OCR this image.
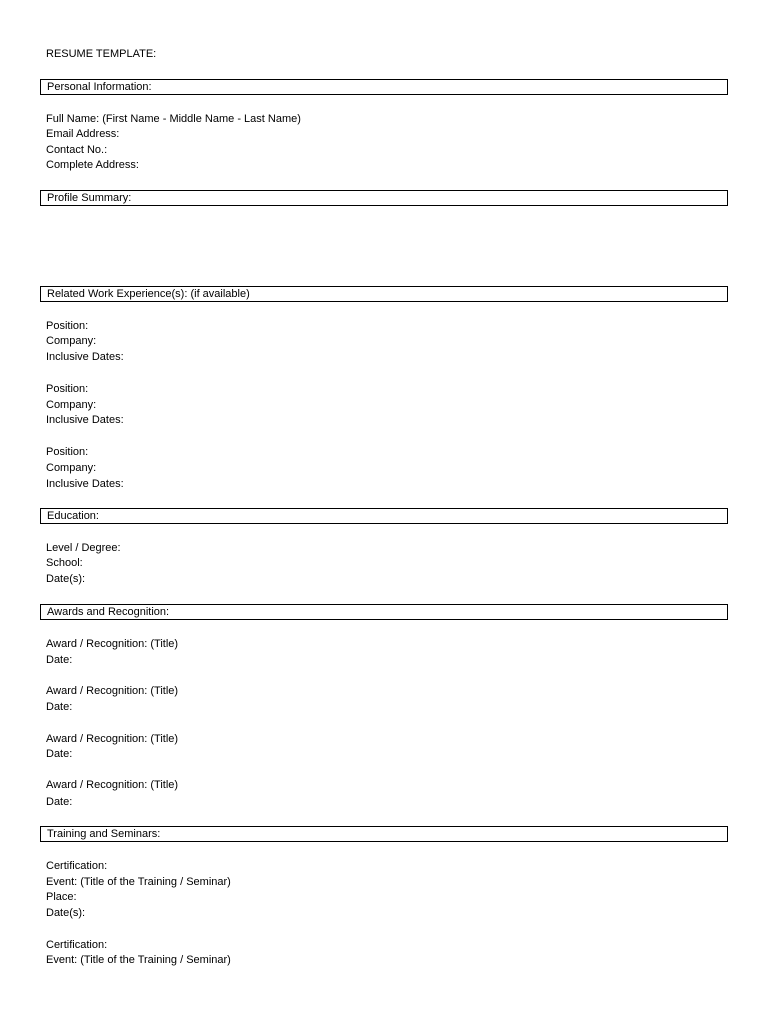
RESUME TEMPLATE:
Personal Information:
Full Name: (First Name - Middle Name - Last Name)
Email Address:
Contact No.:
Complete Address:
Profile Summary:
Related Work Experience(s): (if available)
Position:
Company:
Inclusive Dates:
Position:
Company:
Inclusive Dates:
Position:
Company:
Inclusive Dates:
Education:
Level / Degree:
School:
Date(s):
Awards and Recognition:
Award / Recognition: (Title)
Date:
Award / Recognition: (Title)
Date:
Award / Recognition: (Title)
Date:
Award / Recognition: (Title)
Date:
Training and Seminars:
Certification:
Event: (Title of the Training / Seminar)
Place:
Date(s):
Certification:
Event: (Title of the Training / Seminar)
